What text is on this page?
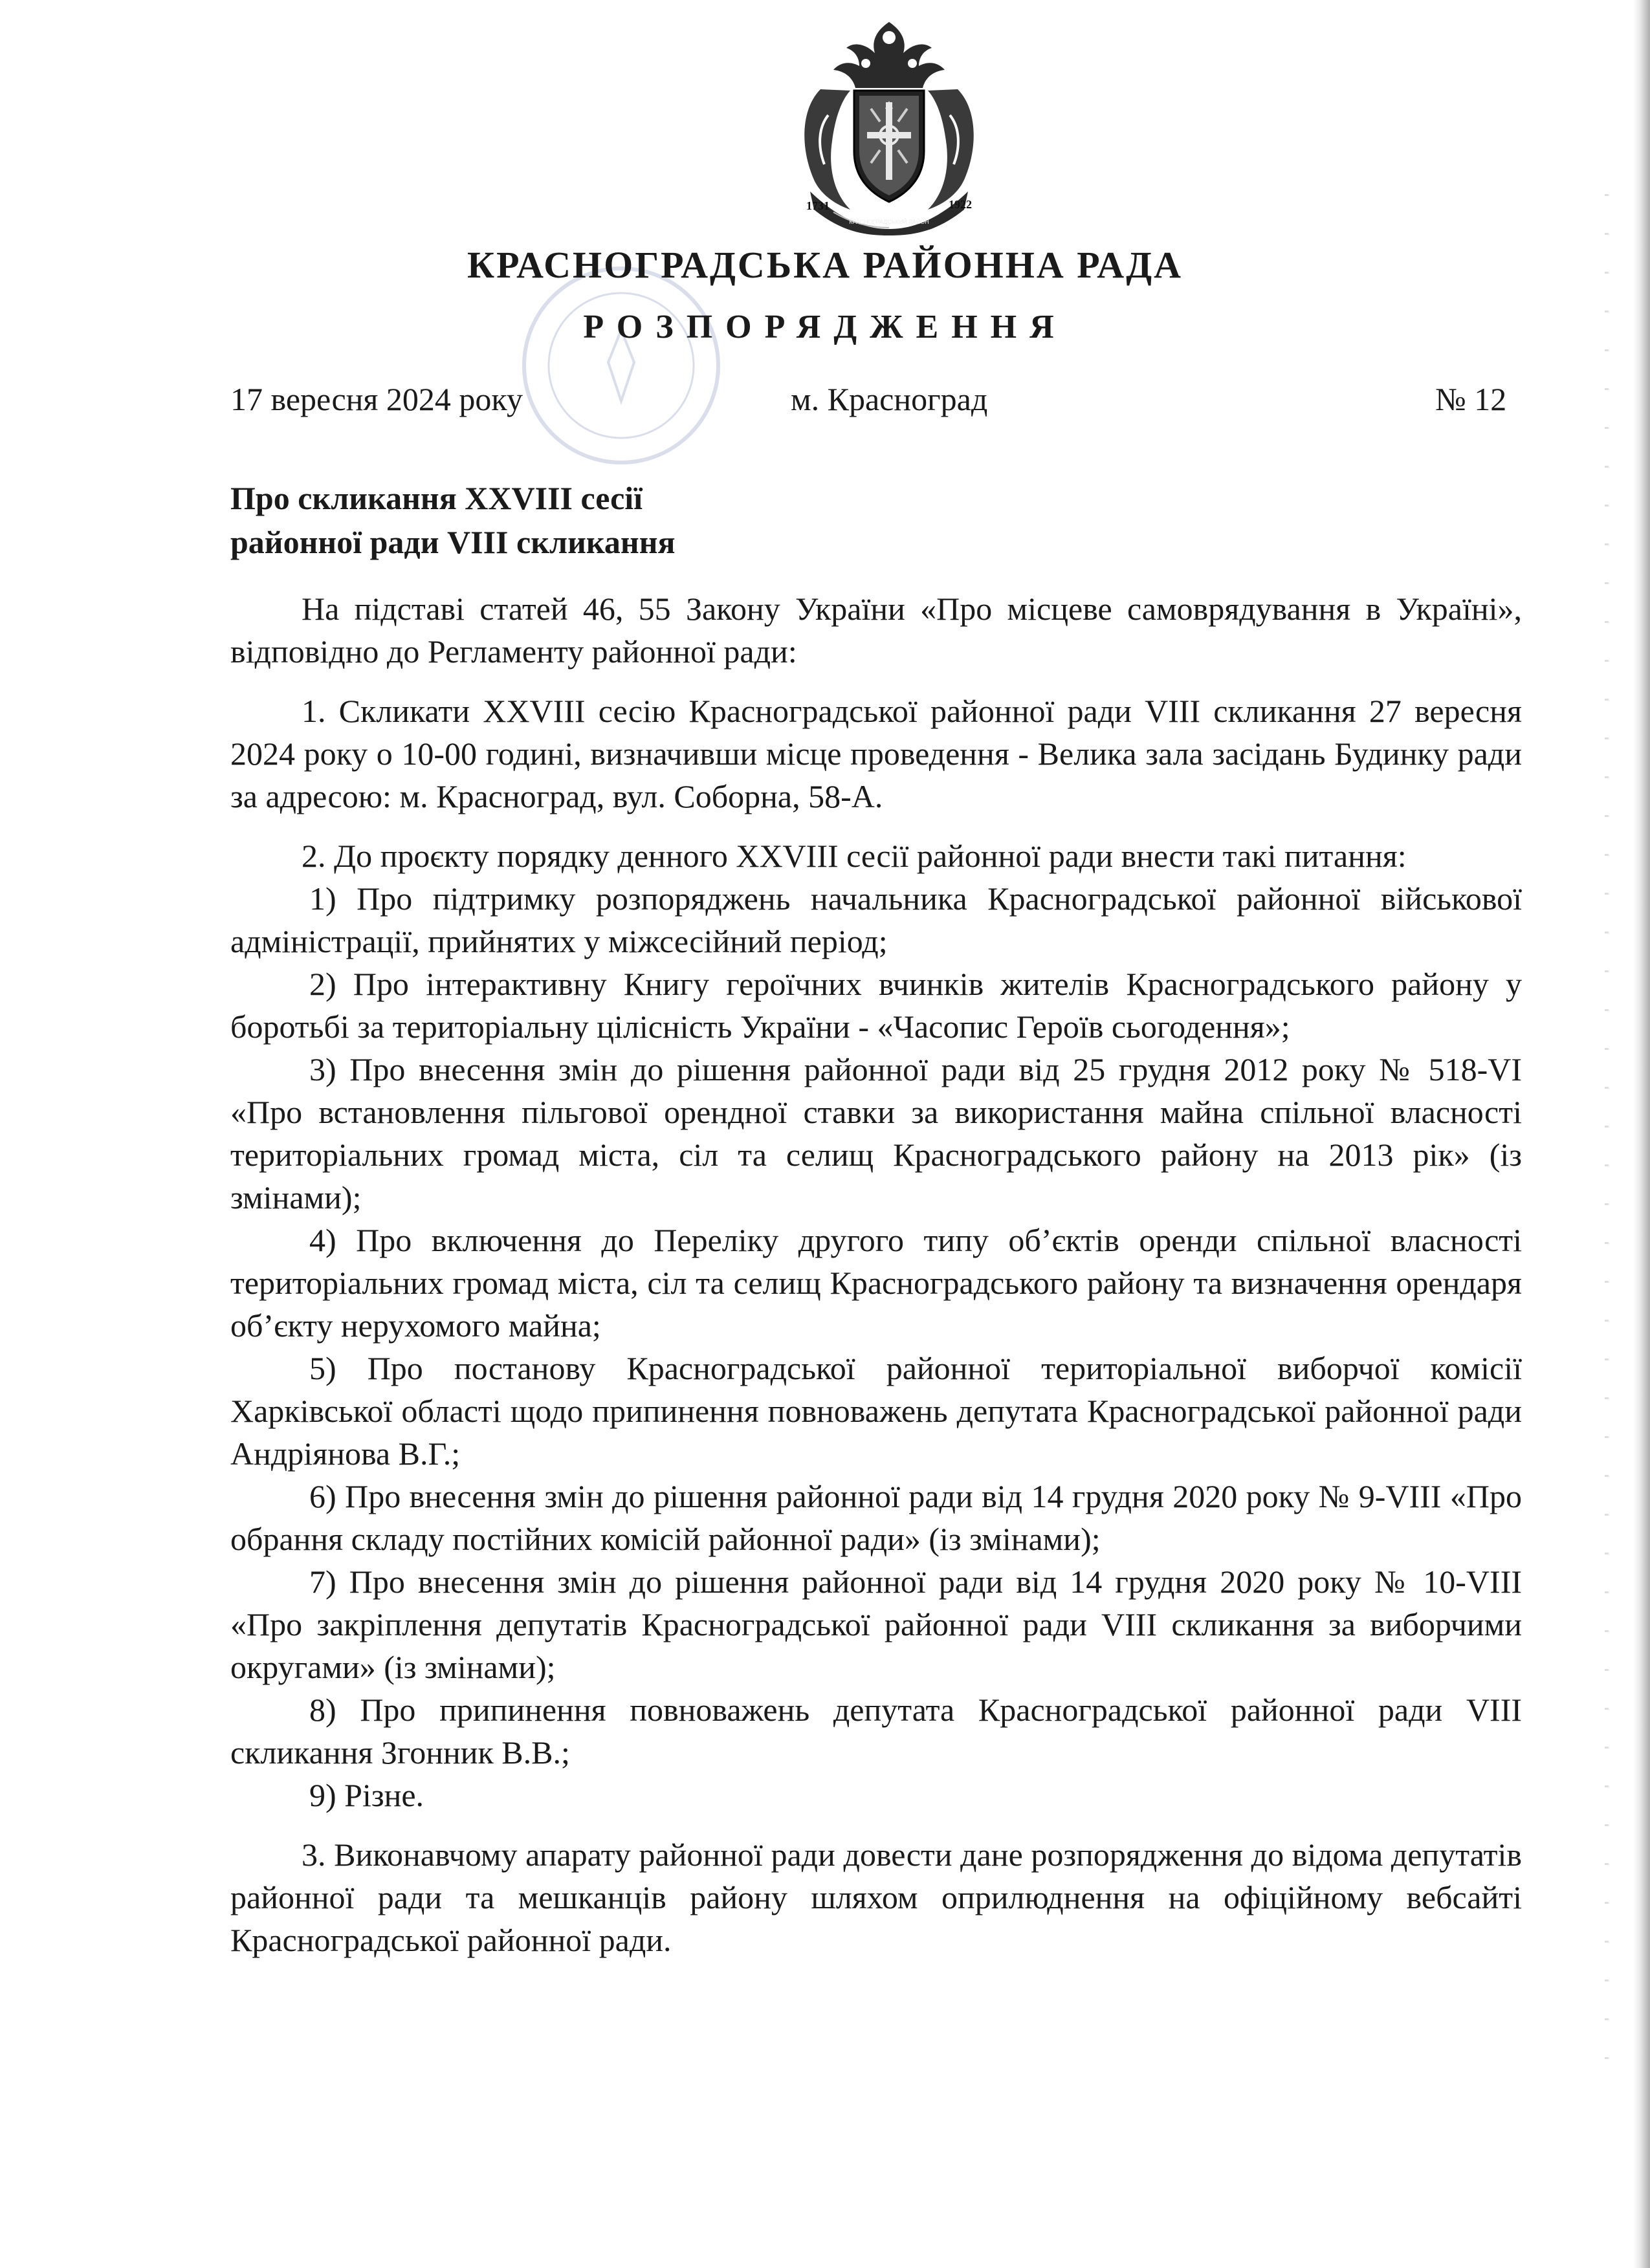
1731	1922
КРАСНОГРАДСЬКИЙ РАЙОН
КРАСНОГРАДСЬКА РАЙОННА РАДА
РОЗПОРЯДЖЕННЯ
17 вересня 2024 року	м. Красноград	№ 12
Про скликання XXVIII сесії
районної ради VIII скликання

На підставі статей 46, 55 Закону України «Про місцеве самоврядування в Україні», відповідно до Регламенту районної ради:

1. Скликати XXVIII сесію Красноградської районної ради VIII скликання 27 вересня 2024 року о 10-00 годині, визначивши місце проведення - Велика зала засідань Будинку ради за адресою: м. Красноград, вул. Соборна, 58-А.

2. До проєкту порядку денного XXVIII сесії районної ради внести такі питання:

1) Про підтримку розпоряджень начальника Красноградської районної військової адміністрації, прийнятих у міжсесійний період;

2) Про інтерактивну Книгу героїчних вчинків жителів Красноградського району у боротьбі за територіальну цілісність України - «Часопис Героїв сьогодення»;

3) Про внесення змін до рішення районної ради від 25 грудня 2012 року № 518-VI «Про встановлення пільгової орендної ставки за використання майна спільної власності територіальних громад міста, сіл та селищ Красноградського району на 2013 рік» (із змінами);

4) Про включення до Переліку другого типу об’єктів оренди спільної власності територіальних громад міста, сіл та селищ Красноградського району та визначення орендаря об’єкту нерухомого майна;

5) Про постанову Красноградської районної територіальної виборчої комісії Харківської області щодо припинення повноважень депутата Красноградської районної ради Андріянова В.Г.;

6) Про внесення змін до рішення районної ради від 14 грудня 2020 року № 9-VIII «Про обрання складу постійних комісій районної ради» (із змінами);

7) Про внесення змін до рішення районної ради від 14 грудня 2020 року № 10-VIII «Про закріплення депутатів Красноградської районної ради VIII скликання за виборчими округами» (із змінами);

8) Про припинення повноважень депутата Красноградської районної ради VIII скликання Згонник В.В.;

9) Різне.

3. Виконавчому апарату районної ради довести дане розпорядження до відома депутатів районної ради та мешканців району шляхом оприлюднення на офіційному вебсайті Красноградської районної ради.
